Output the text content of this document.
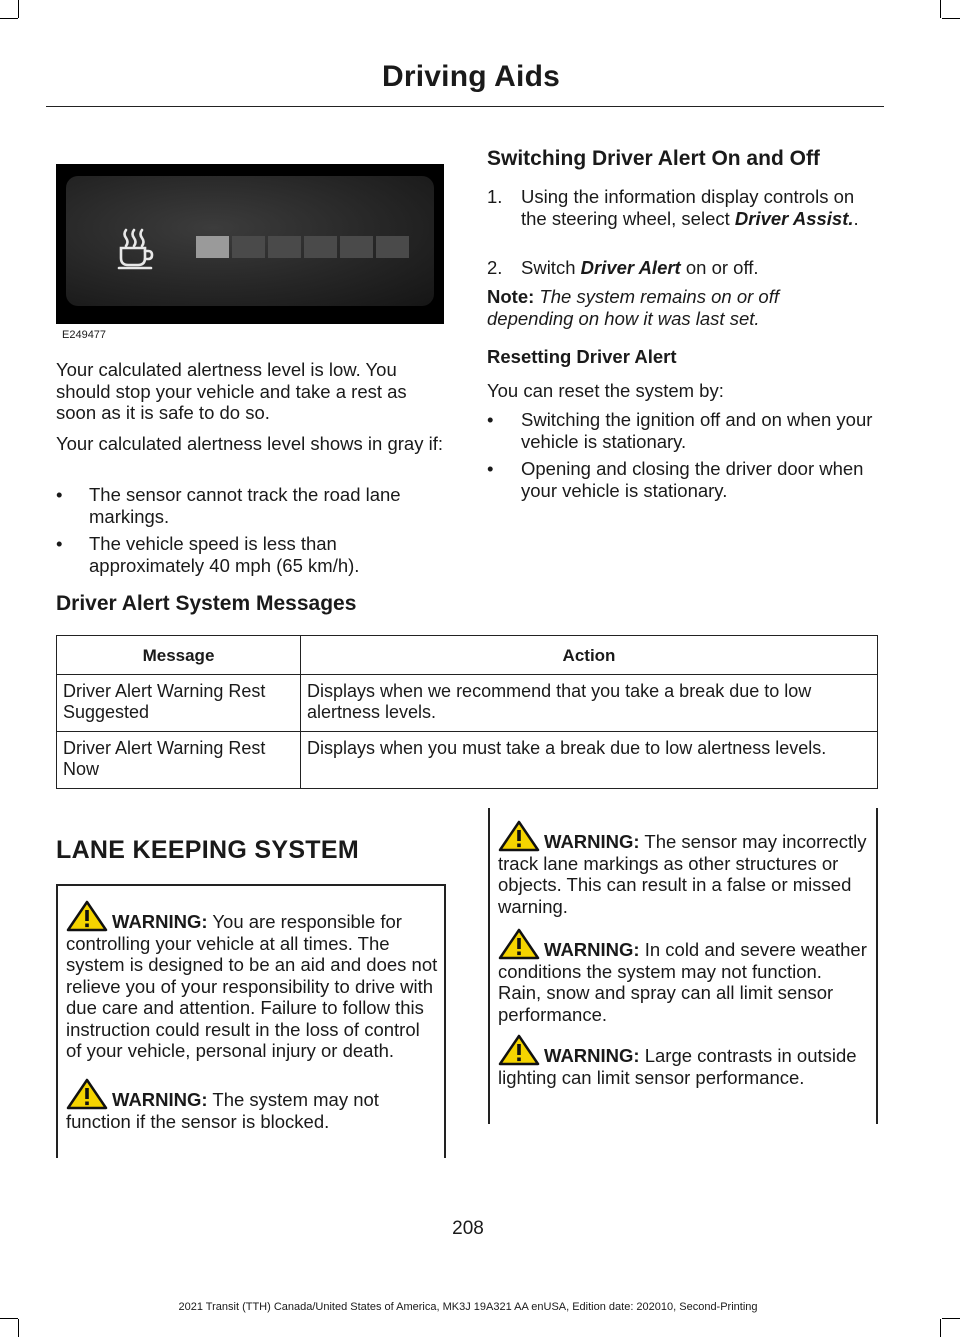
Driving Aids
E249477
Your calculated alertness level is low. You should stop your vehicle and take a rest as soon as it is safe to do so.
Your calculated alertness level shows in gray if:
• The sensor cannot track the road lane markings.
• The vehicle speed is less than approximately 40 mph (65 km/h).
Switching Driver Alert On and Off
1. Using the information display controls on the steering wheel, select Driver Assist..
2. Switch Driver Alert on or off.
Note: The system remains on or off depending on how it was last set.
Resetting Driver Alert
You can reset the system by:
• Switching the ignition off and on when your vehicle is stationary.
• Opening and closing the driver door when your vehicle is stationary.
Driver Alert System Messages
Message	Action
Driver Alert Warning Rest Suggested	Displays when we recommend that you take a break due to low alertness levels.
Driver Alert Warning Rest Now	Displays when you must take a break due to low alertness levels.
LANE KEEPING SYSTEM
WARNING: You are responsible for controlling your vehicle at all times. The system is designed to be an aid and does not relieve you of your responsibility to drive with due care and attention. Failure to follow this instruction could result in the loss of control of your vehicle, personal injury or death.
WARNING: The system may not function if the sensor is blocked.
WARNING: The sensor may incorrectly track lane markings as other structures or objects. This can result in a false or missed warning.
WARNING: In cold and severe weather conditions the system may not function. Rain, snow and spray can all limit sensor performance.
WARNING: Large contrasts in outside lighting can limit sensor performance.
208
2021 Transit (TTH) Canada/United States of America, MK3J 19A321 AA enUSA, Edition date: 202010, Second-Printing
